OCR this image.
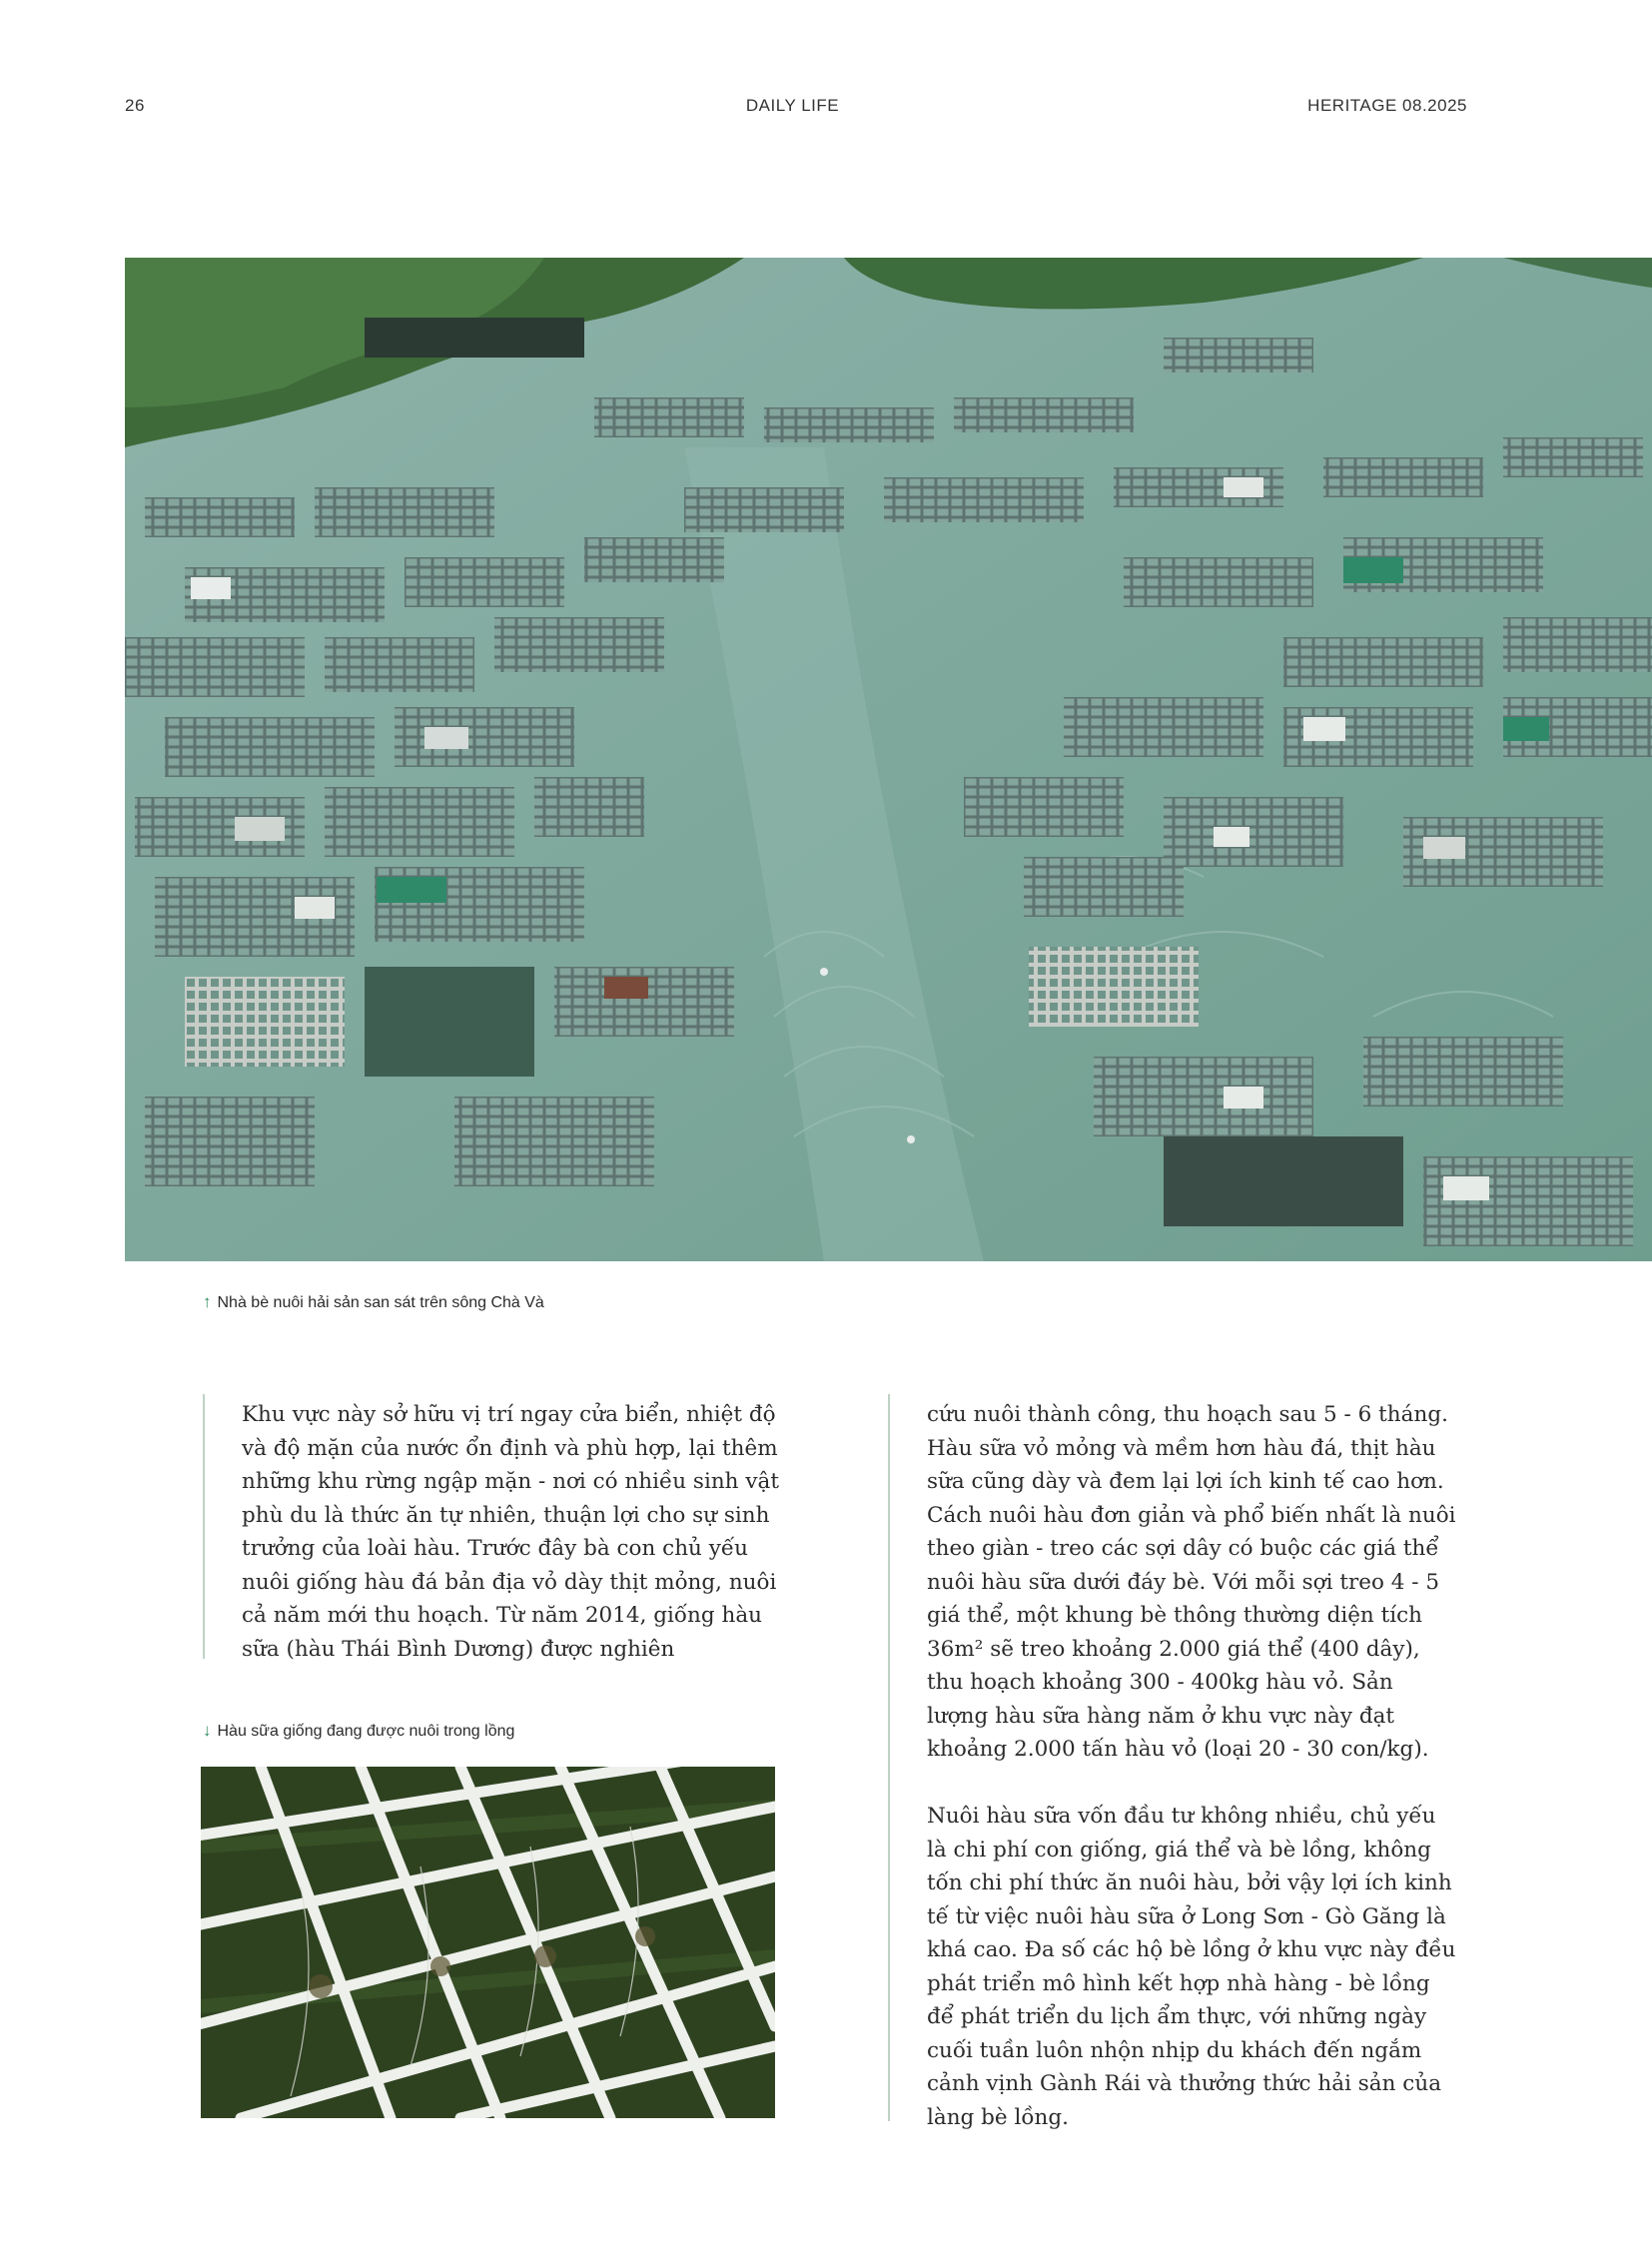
26	DAILY LIFE	HERITAGE 08.2025
↑ Nhà bè nuôi hải sản san sát trên sông Chà Và

Khu vực này sở hữu vị trí ngay cửa biển, nhiệt độ và độ mặn của nước ổn định và phù hợp, lại thêm những khu rừng ngập mặn - nơi có nhiều sinh vật phù du là thức ăn tự nhiên, thuận lợi cho sự sinh trưởng của loài hàu. Trước đây bà con chủ yếu nuôi giống hàu đá bản địa vỏ dày thịt mỏng, nuôi cả năm mới thu hoạch. Từ năm 2014, giống hàu sữa (hàu Thái Bình Dương) được nghiên

↓ Hàu sữa giống đang được nuôi trong lồng

cứu nuôi thành công, thu hoạch sau 5 - 6 tháng. Hàu sữa vỏ mỏng và mềm hơn hàu đá, thịt hàu sữa cũng dày và đem lại lợi ích kinh tế cao hơn. Cách nuôi hàu đơn giản và phổ biến nhất là nuôi theo giàn - treo các sợi dây có buộc các giá thể nuôi hàu sữa dưới đáy bè. Với mỗi sợi treo 4 - 5 giá thể, một khung bè thông thường diện tích 36m² sẽ treo khoảng 2.000 giá thể (400 dây), thu hoạch khoảng 300 - 400kg hàu vỏ. Sản lượng hàu sữa hàng năm ở khu vực này đạt khoảng 2.000 tấn hàu vỏ (loại 20 - 30 con/kg).

Nuôi hàu sữa vốn đầu tư không nhiều, chủ yếu là chi phí con giống, giá thể và bè lồng, không tốn chi phí thức ăn nuôi hàu, bởi vậy lợi ích kinh tế từ việc nuôi hàu sữa ở Long Sơn - Gò Găng là khá cao. Đa số các hộ bè lồng ở khu vực này đều phát triển mô hình kết hợp nhà hàng - bè lồng để phát triển du lịch ẩm thực, với những ngày cuối tuần luôn nhộn nhịp du khách đến ngắm cảnh vịnh Gành Rái và thưởng thức hải sản của làng bè lồng.
